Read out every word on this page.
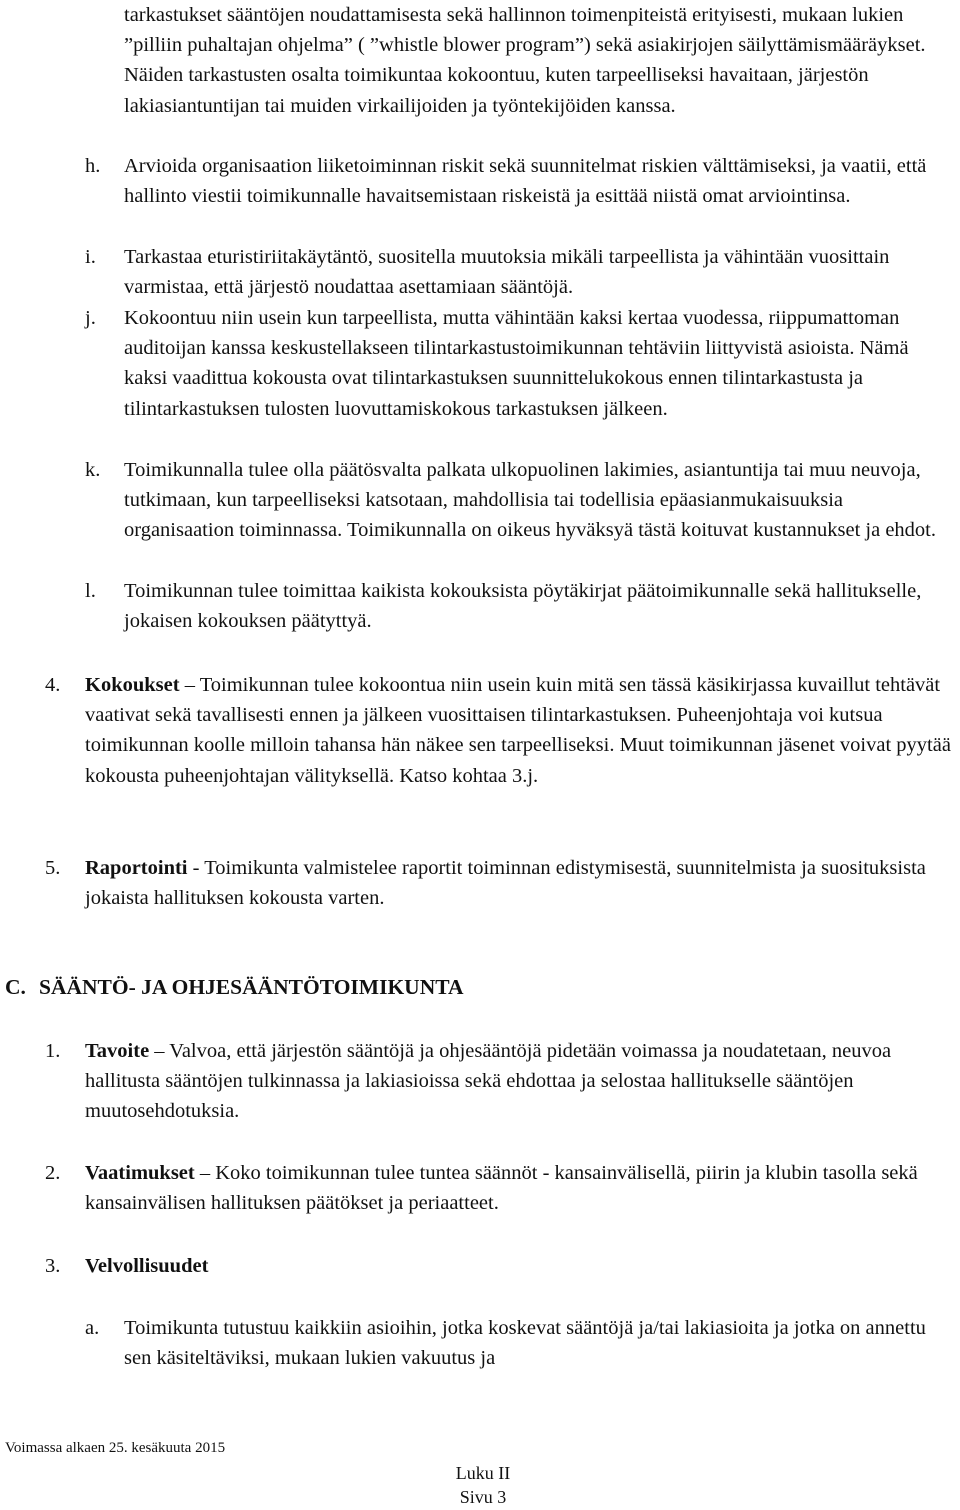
tarkastukset sääntöjen noudattamisesta sekä hallinnon toimenpiteistä erityisesti, mukaan lukien ”pilliin puhaltajan ohjelma” ( ”whistle blower program”) sekä asiakirjojen säilyttämismääräykset. Näiden tarkastusten osalta toimikuntaa kokoontuu, kuten tarpeelliseksi havaitaan, järjestön lakiasiantuntijan tai muiden virkailijoiden ja työntekijöiden kanssa.
h. Arvioida organisaation liiketoiminnan riskit sekä suunnitelmat riskien välttämiseksi, ja vaatii, että hallinto viestii toimikunnalle havaitsemistaan riskeistä ja esittää niistä omat arviointinsa.
i. Tarkastaa eturistiriitakäytäntö, suositella muutoksia mikäli tarpeellista ja vähintään vuosittain varmistaa, että järjestö noudattaa asettamiaan sääntöjä.
j. Kokoontuu niin usein kun tarpeellista, mutta vähintään kaksi kertaa vuodessa, riippumattoman auditoijan kanssa keskustellakseen tilintarkastustoimikunnan tehtäviin liittyvistä asioista. Nämä kaksi vaadittua kokousta ovat tilintarkastuksen suunnittelukokous ennen tilintarkastusta ja tilintarkastuksen tulosten luovuttamiskokous tarkastuksen jälkeen.
k. Toimikunnalla tulee olla päätösvalta palkata ulkopuolinen lakimies, asiantuntija tai muu neuvoja, tutkimaan, kun tarpeelliseksi katsotaan, mahdollisia tai todellisia epäasianmukaisuuksia organisaation toiminnassa. Toimikunnalla on oikeus hyväksyä tästä koituvat kustannukset ja ehdot.
l. Toimikunnan tulee toimittaa kaikista kokouksista pöytäkirjat päätoimikunnalle sekä hallitukselle, jokaisen kokouksen päätyttyä.
4. Kokoukset – Toimikunnan tulee kokoontua niin usein kuin mitä sen tässä käsikirjassa kuvaillut tehtävät vaativat sekä tavallisesti ennen ja jälkeen vuosittaisen tilintarkastuksen. Puheenjohtaja voi kutsua toimikunnan koolle milloin tahansa hän näkee sen tarpeelliseksi. Muut toimikunnan jäsenet voivat pyytää kokousta puheenjohtajan välityksellä. Katso kohtaa 3.j.
5. Raportointi - Toimikunta valmistelee raportit toiminnan edistymisestä, suunnitelmista ja suosituksista jokaista hallituksen kokousta varten.
C. SÄÄNTÖ- JA OHJESÄÄNTÖTOIMIKUNTA
1. Tavoite – Valvoa, että järjestön sääntöjä ja ohjesääntöjä pidetään voimassa ja noudatetaan, neuvoa hallitusta sääntöjen tulkinnassa ja lakiasioissa sekä ehdottaa ja selostaa hallitukselle sääntöjen muutosehdotuksia.
2. Vaatimukset – Koko toimikunnan tulee tuntea säännöt - kansainvälisellä, piirin ja klubin tasolla sekä kansainvälisen hallituksen päätökset ja periaatteet.
3. Velvollisuudet
a. Toimikunta tutustuu kaikkiin asioihin, jotka koskevat sääntöjä ja/tai lakiasioita ja jotka on annettu sen käsiteltäviksi, mukaan lukien vakuutus ja
Voimassa alkaen 25. kesäkuuta 2015
Luku II
Sivu 3
